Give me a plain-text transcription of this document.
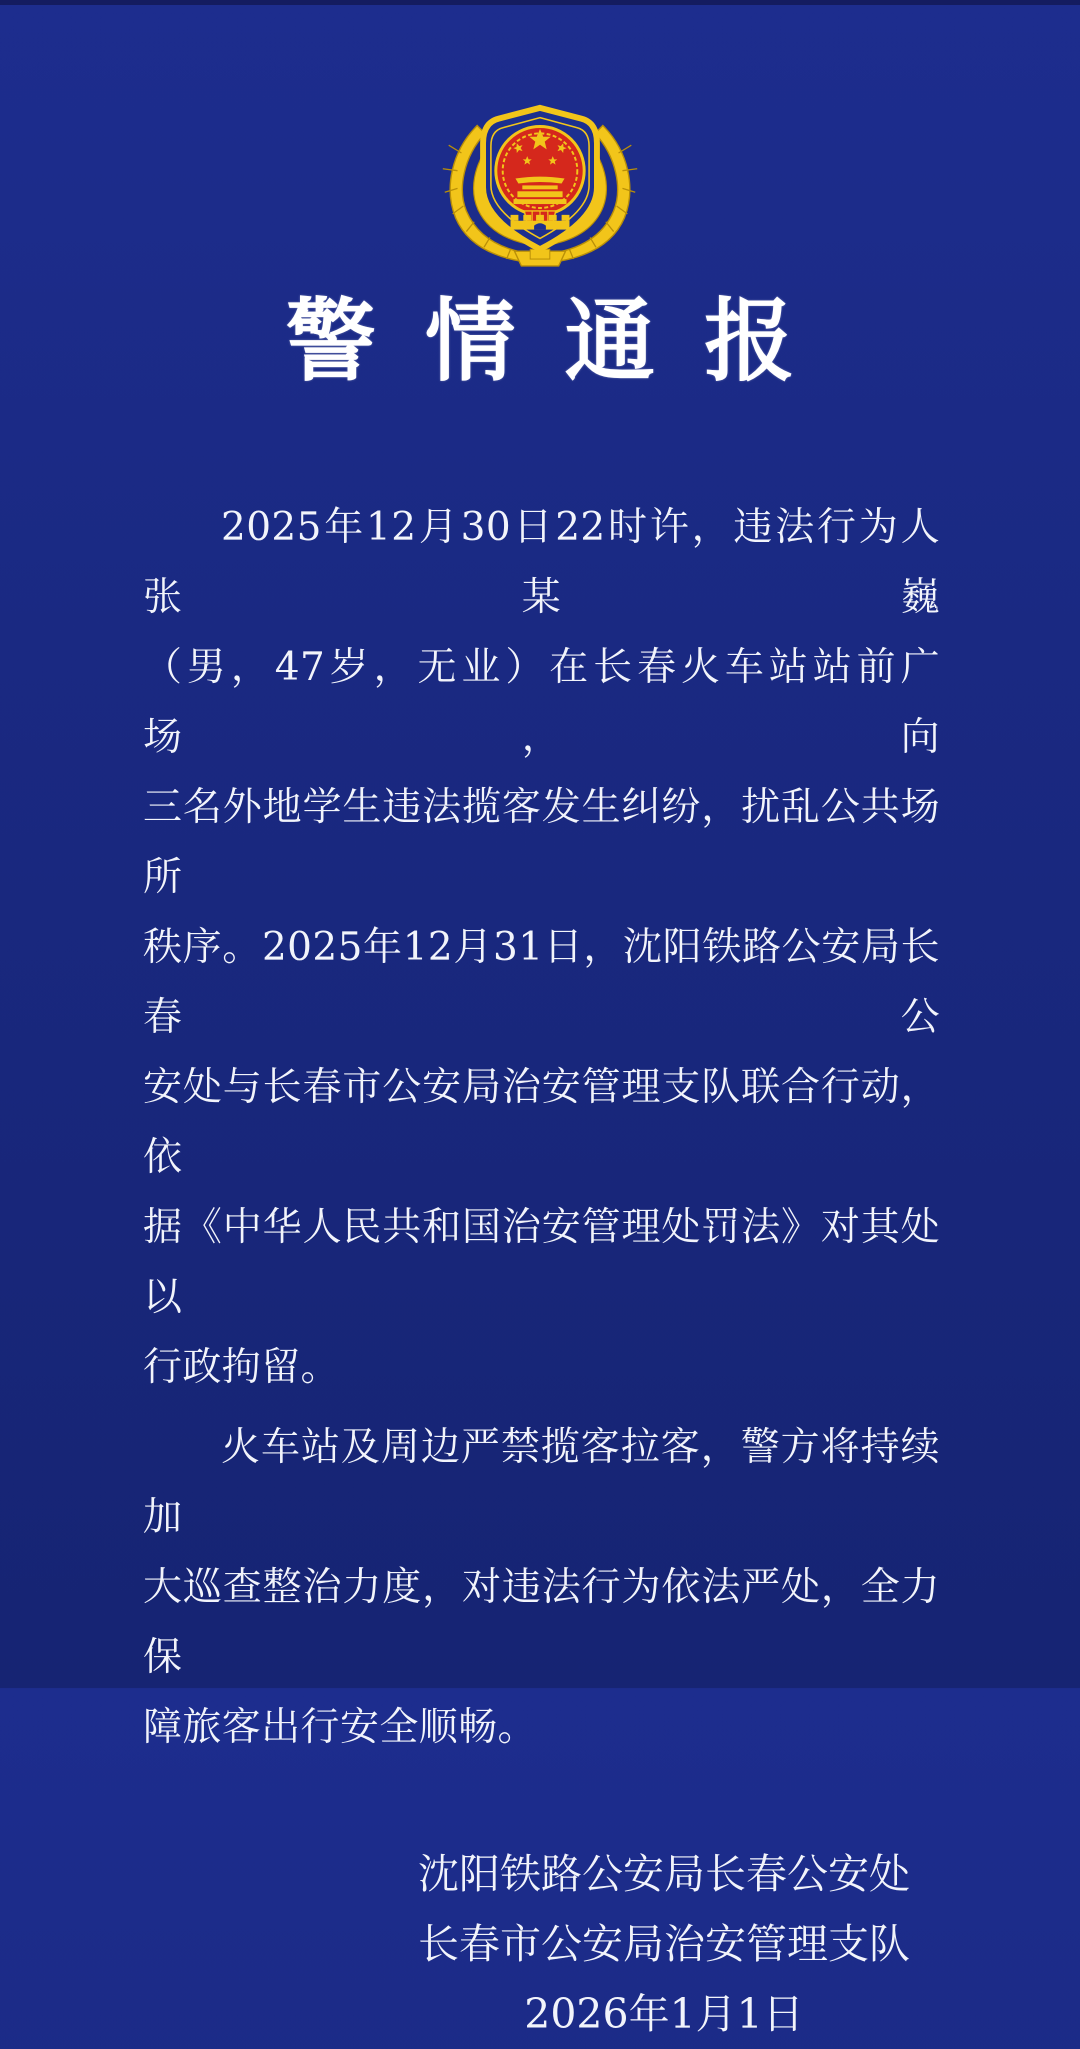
警情通报
2025年12月30日22时许，违法行为人张某巍
（男，47岁，无业）在长春火车站站前广场，向
三名外地学生违法揽客发生纠纷，扰乱公共场所
秩序。2025年12月31日，沈阳铁路公安局长春公
安处与长春市公安局治安管理支队联合行动，依
据《中华人民共和国治安管理处罚法》对其处以
行政拘留。
火车站及周边严禁揽客拉客，警方将持续加
大巡查整治力度，对违法行为依法严处，全力保
障旅客出行安全顺畅。
沈阳铁路公安局长春公安处
长春市公安局治安管理支队
2026年1月1日
